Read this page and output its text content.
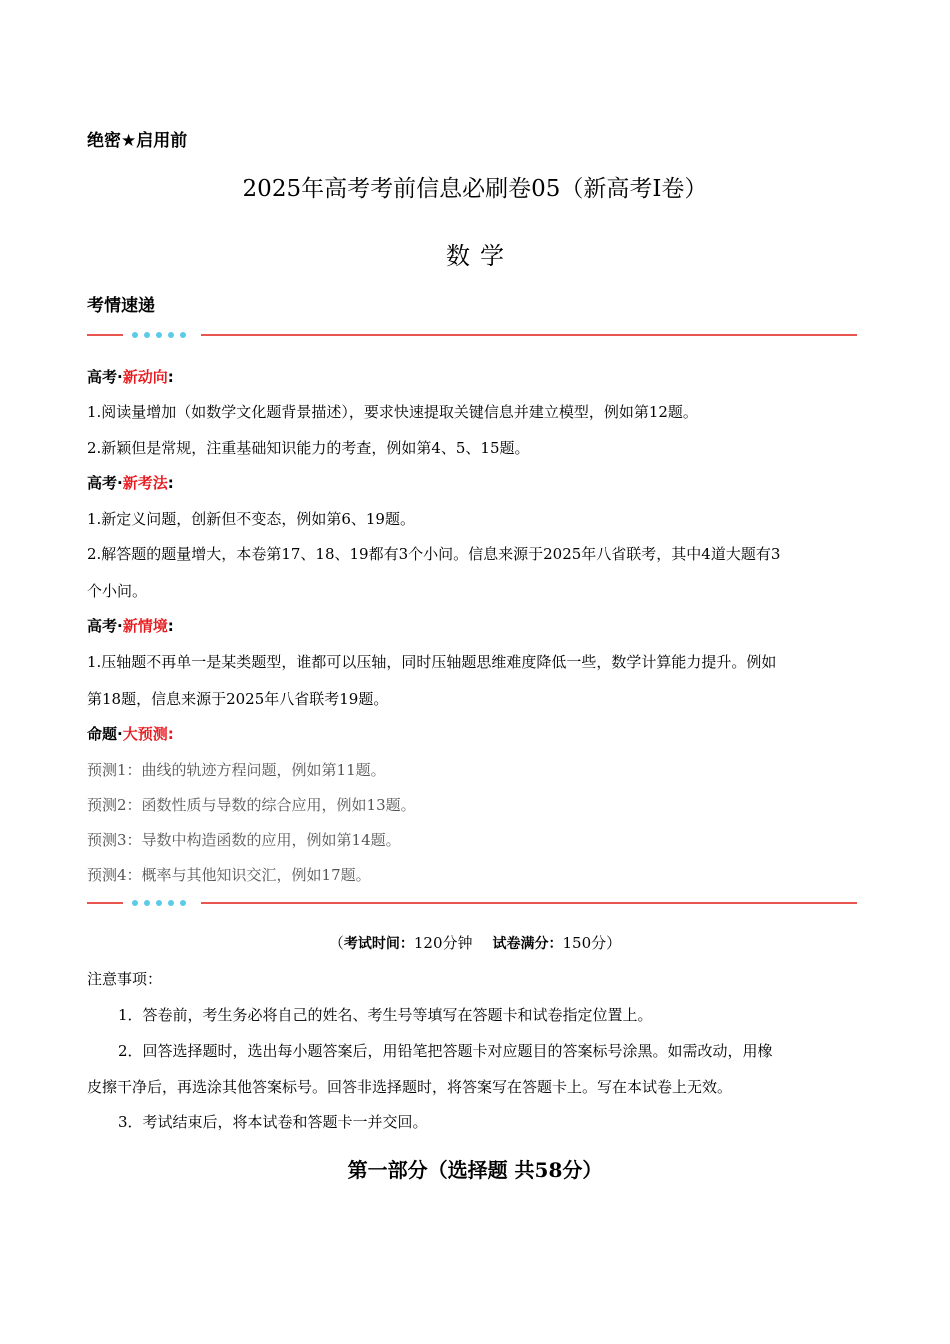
绝密★启用前
2025年高考考前信息必刷卷05（新高考Ⅰ卷）
数学
考情速递
高考·新动向:
1.阅读量增加（如数学文化题背景描述），要求快速提取关键信息并建立模型，例如第12题。
2.新颖但是常规，注重基础知识能力的考查，例如第4、5、15题。
高考·新考法:
1.新定义问题，创新但不变态，例如第6、19题。
2.解答题的题量增大，本卷第17、18、19都有3个小问。信息来源于2025年八省联考，其中4道大题有3
个小问。
高考·新情境:
1.压轴题不再单一是某类题型，谁都可以压轴，同时压轴题思维难度降低一些，数学计算能力提升。例如
第18题，信息来源于2025年八省联考19题。
命题·大预测:
预测1：曲线的轨迹方程问题，例如第11题。
预测2：函数性质与导数的综合应用，例如13题。
预测3：导数中构造函数的应用，例如第14题。
预测4：概率与其他知识交汇，例如17题。
（考试时间：120分钟 试卷满分：150分）
注意事项：
1．答卷前，考生务必将自己的姓名、考生号等填写在答题卡和试卷指定位置上。
2．回答选择题时，选出每小题答案后，用铅笔把答题卡对应题目的答案标号涂黑。如需改动，用橡
皮擦干净后，再选涂其他答案标号。回答非选择题时，将答案写在答题卡上。写在本试卷上无效。
3．考试结束后，将本试卷和答题卡一并交回。
第一部分（选择题 共58分）
